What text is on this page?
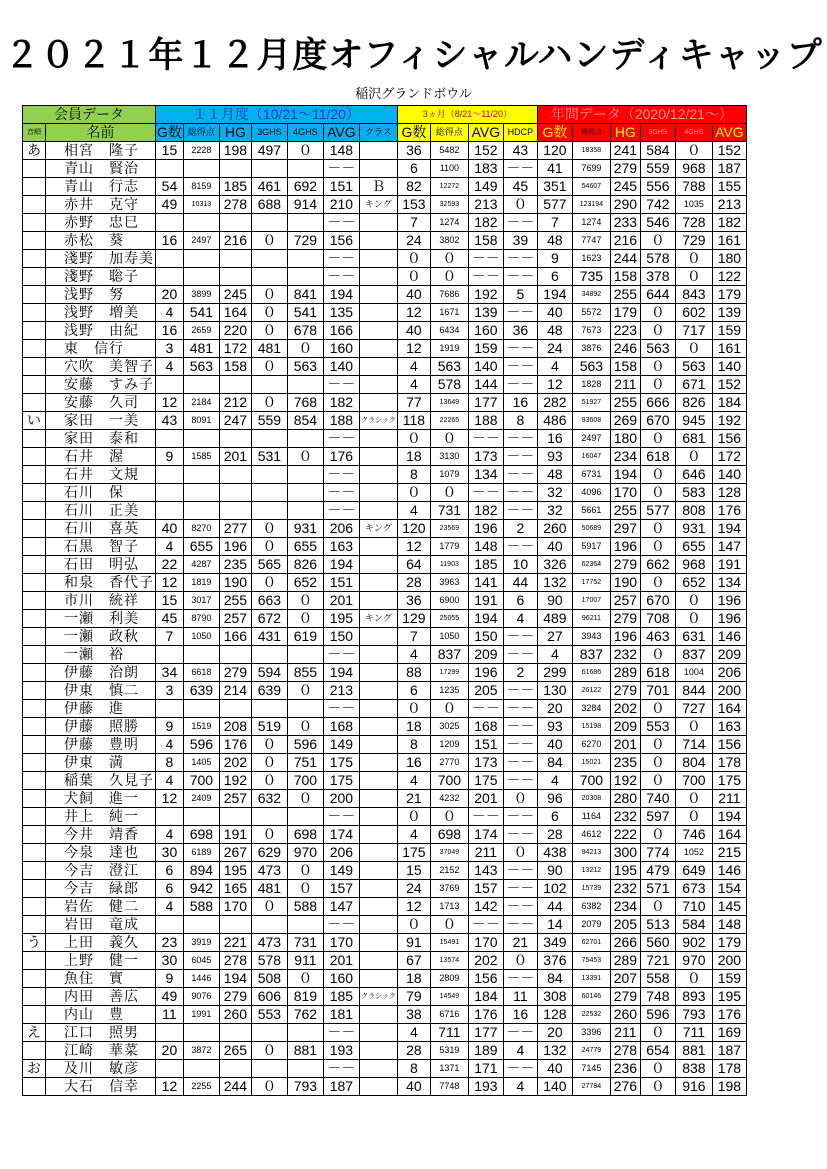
２０２１年１２月度オフィシャルハンディキャップ
稲沢グランドボウル
会員データ		１１月度（10/21～11/20）							3ヵ月（8/21～11/20）				年間データ（2020/12/21～）					
音順	名前	G数	総得点	HG	3GHS	4GHS	AVG	クラス	G数	総得点	AVG	HDCP	G数	総得点	HG	3GHS	4GHS	AVG
あ	相宮　隆子	15	2228	198	497	０	148		36	5482	152	43	120	18358	241	584	０	152
	青山　賢治						－－		6	1100	183	－－	41	7699	279	559	968	187
	青山　行志	54	8159	185	461	692	151	Ｂ	82	12272	149	45	351	54607	245	556	788	155
	赤井　克守	49	10313	278	688	914	210	キング	153	32593	213	０	577	123194	290	742	1035	213
	赤野　忠巳						－－		7	1274	182	－－	7	1274	233	546	728	182
	赤松　葵	16	2497	216	０	729	156		24	3802	158	39	48	7747	216	０	729	161
	淺野　加寿美						－－		０	０	－－	－－	9	1623	244	578	０	180
	淺野　聡子						－－		０	０	－－	－－	6	735	158	378	０	122
	浅野　努	20	3899	245	０	841	194		40	7686	192	5	194	34892	255	644	843	179
	浅野　増美	4	541	164	０	541	135		12	1671	139	－－	40	5572	179	０	602	139
	浅野　由紀	16	2659	220	０	678	166		40	6434	160	36	48	7673	223	０	717	159
	東　信行	3	481	172	481	０	160		12	1919	159	－－	24	3876	246	563	０	161
	穴吹　美智子	4	563	158	０	563	140		4	563	140	－－	4	563	158	０	563	140
	安藤　すみ子						－－		4	578	144	－－	12	1828	211	０	671	152
	安藤　久司	12	2184	212	０	768	182		77	13649	177	16	282	51927	255	666	826	184
い	家田　一美	43	8091	247	559	854	188	クラシック	118	22265	188	8	486	93608	269	670	945	192
	家田　泰和						－－		０	０	－－	－－	16	2497	180	０	681	156
	石井　渥	9	1585	201	531	０	176		18	3130	173	－－	93	16047	234	618	０	172
	石井　文規						－－		8	1079	134	－－	48	6731	194	０	646	140
	石川　保						－－		０	０	－－	－－	32	4096	170	０	583	128
	石川　正美						－－		4	731	182	－－	32	5661	255	577	808	176
	石川　喜英	40	8270	277	０	931	206	キング	120	23569	196	2	260	50689	297	０	931	194
	石黒　智子	4	655	196	０	655	163		12	1779	148	－－	40	5917	196	０	655	147
	石田　明弘	22	4287	235	565	826	194		64	11903	185	10	326	62364	279	662	968	191
	和泉　香代子	12	1819	190	０	652	151		28	3963	141	44	132	17752	190	０	652	134
	市川　統祥	15	3017	255	663	０	201		36	6900	191	6	90	17007	257	670	０	196
	一瀬　利美	45	8790	257	672	０	195	キング	129	25055	194	4	489	96211	279	708	０	196
	一瀬　政秋	7	1050	166	431	619	150		7	1050	150	－－	27	3943	196	463	631	146
	一瀬　裕						－－		4	837	209	－－	4	837	232	０	837	209
	伊藤　治朗	34	6618	279	594	855	194		88	17299	196	2	299	61686	289	618	1004	206
	伊東　慎二	3	639	214	639	０	213		6	1235	205	－－	130	26122	279	701	844	200
	伊藤　進						－－		０	０	－－	－－	20	3284	202	０	727	164
	伊藤　照勝	9	1519	208	519	０	168		18	3025	168	－－	93	15198	209	553	０	163
	伊藤　豊明	4	596	176	０	596	149		8	1209	151	－－	40	6270	201	０	714	156
	伊東　満	8	1405	202	０	751	175		16	2770	173	－－	84	15021	235	０	804	178
	稲葉　久見子	4	700	192	０	700	175		4	700	175	－－	4	700	192	０	700	175
	犬飼　進一	12	2409	257	632	０	200		21	4232	201	０	96	20308	280	740	０	211
	井上　純一						－－		０	０	－－	－－	6	1164	232	597	０	194
	今井　靖香	4	698	191	０	698	174		4	698	174	－－	28	4612	222	０	746	164
	今泉　達也	30	6189	267	629	970	206		175	37049	211	０	438	94213	300	774	1052	215
	今吉　澄江	6	894	195	473	０	149		15	2152	143	－－	90	13212	195	479	649	146
	今吉　緑郎	6	942	165	481	０	157		24	3769	157	－－	102	15739	232	571	673	154
	岩佐　健二	4	588	170	０	588	147		12	1713	142	－－	44	6382	234	０	710	145
	岩田　竜成						－－		０	０	－－	－－	14	2079	205	513	584	148
う	上田　義久	23	3919	221	473	731	170		91	15491	170	21	349	62701	266	560	902	179
	上野　健一	30	6045	278	578	911	201		67	13574	202	０	376	75453	289	721	970	200
	魚住　實	9	1446	194	508	０	160		18	2809	156	－－	84	13391	207	558	０	159
	内田　善広	49	9076	279	606	819	185	クラシック	79	14549	184	11	308	60146	279	748	893	195
	内山　豊	11	1991	260	553	762	181		38	6716	176	16	128	22532	260	596	793	176
え	江口　照男						－－		4	711	177	－－	20	3396	211	０	711	169
	江崎　華菜	20	3872	265	０	881	193		28	5319	189	4	132	24779	278	654	881	187
お	及川　敏彦						－－		8	1371	171	－－	40	7145	236	０	838	178
	大石　信幸	12	2255	244	０	793	187		40	7748	193	4	140	27784	276	０	916	198
